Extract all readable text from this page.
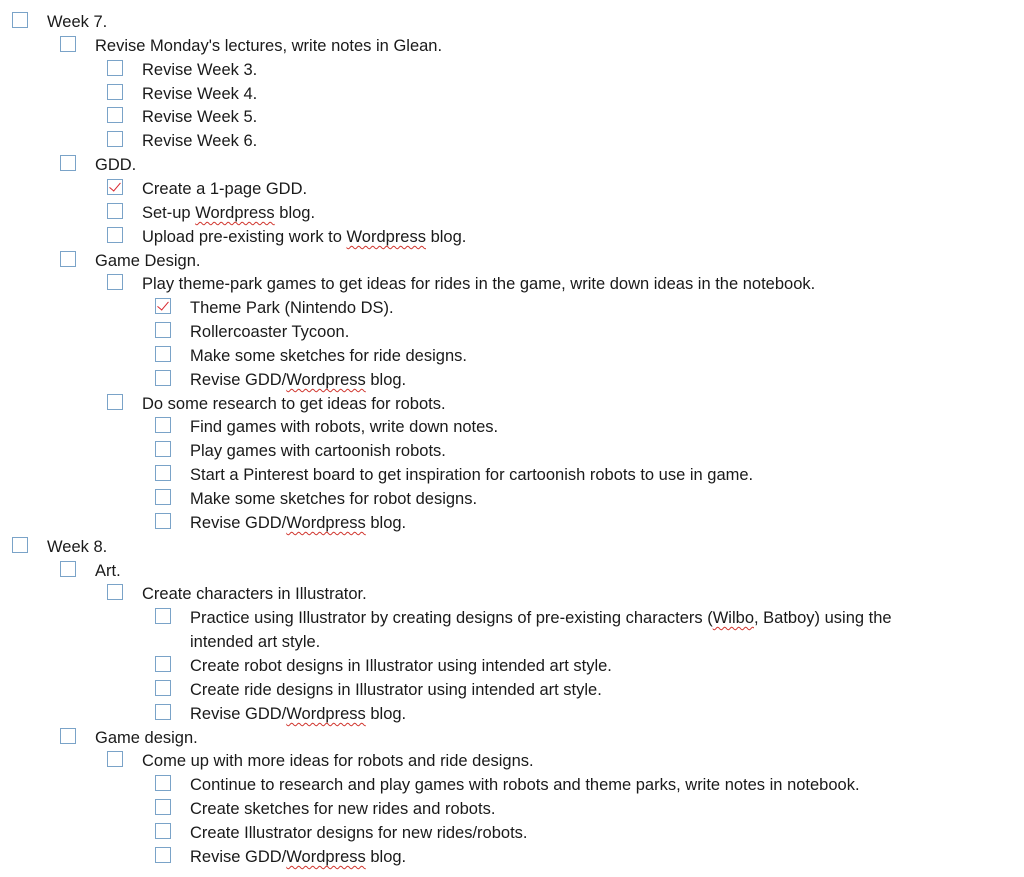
Week 7.
Revise Monday's lectures, write notes in Glean.
Revise Week 3.
Revise Week 4.
Revise Week 5.
Revise Week 6.
GDD.
Create a 1-page GDD.
Set-up Wordpress blog.
Upload pre-existing work to Wordpress blog.
Game Design.
Play theme-park games to get ideas for rides in the game, write down ideas in the notebook.
Theme Park (Nintendo DS).
Rollercoaster Tycoon.
Make some sketches for ride designs.
Revise GDD/Wordpress blog.
Do some research to get ideas for robots.
Find games with robots, write down notes.
Play games with cartoonish robots.
Start a Pinterest board to get inspiration for cartoonish robots to use in game.
Make some sketches for robot designs.
Revise GDD/Wordpress blog.
Week 8.
Art.
Create characters in Illustrator.
Practice using Illustrator by creating designs of pre-existing characters (Wilbo, Batboy) using the
intended art style.
Create robot designs in Illustrator using intended art style.
Create ride designs in Illustrator using intended art style.
Revise GDD/Wordpress blog.
Game design.
Come up with more ideas for robots and ride designs.
Continue to research and play games with robots and theme parks, write notes in notebook.
Create sketches for new rides and robots.
Create Illustrator designs for new rides/robots.
Revise GDD/Wordpress blog.
